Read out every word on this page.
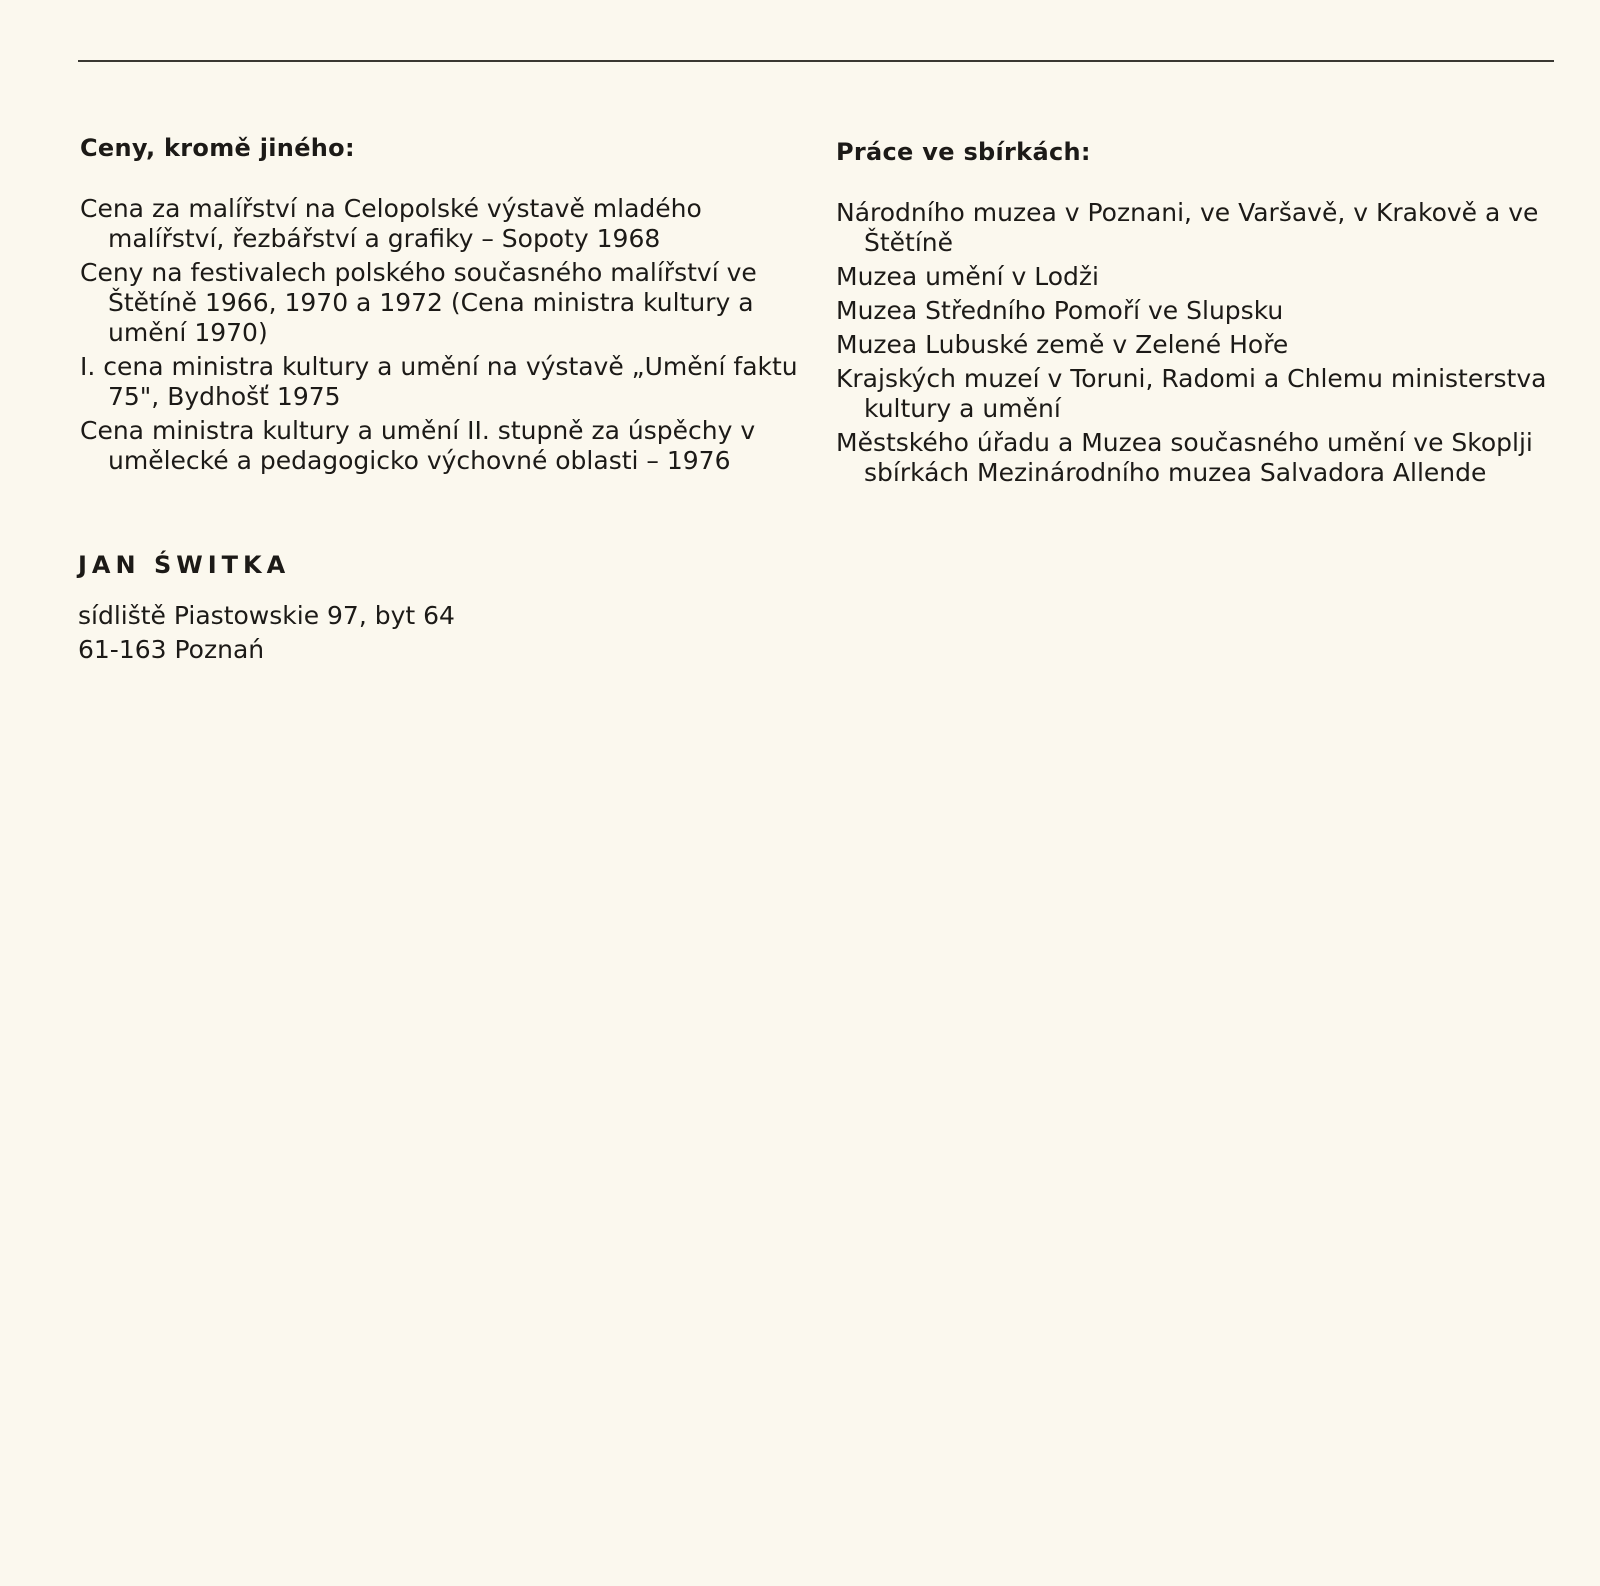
Ceny, kromě jiného:
Cena za malířství na Celopolské výstavě mladého malířství, řezbářství a grafiky – Sopoty 1968
Ceny na festivalech polského současného malířství ve Štětíně 1966, 1970 a 1972 (Cena ministra kultury a umění 1970)
I. cena ministra kultury a umění na výstavě „Umění faktu 75", Bydhošť 1975
Cena ministra kultury a umění II. stupně za úspěchy v umělecké a pedagogicko výchovné oblasti – 1976
Práce ve sbírkách:
Národního muzea v Poznani, ve Varšavě, v Krakově a ve Štětíně
Muzea umění v Lodži
Muzea Středního Pomoří ve Slupsku
Muzea Lubuské země v Zelené Hoře
Krajských muzeí v Toruni, Radomi a Chlemu ministerstva kultury a umění
Městského úřadu a Muzea současného umění ve Skoplji sbírkách Mezinárodního muzea Salvadora Allende
JAN ŚWITKA
sídliště Piastowskie 97, byt 64
61-163 Poznań
